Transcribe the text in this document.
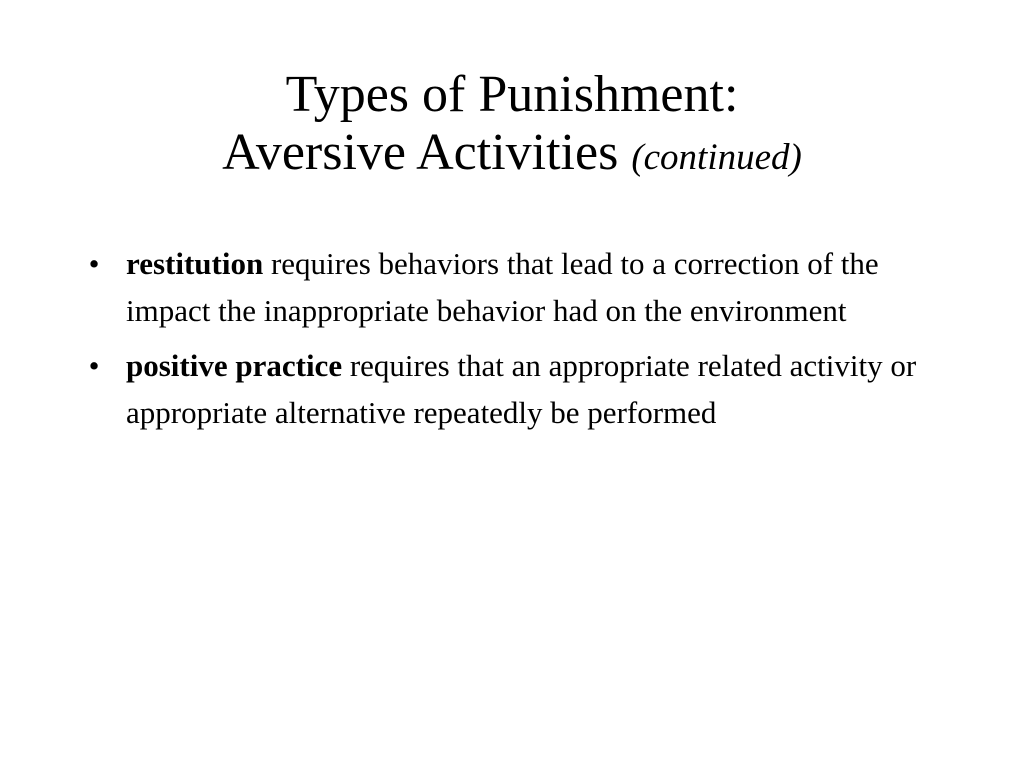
Types of Punishment:
Aversive Activities (continued)
• restitution requires behaviors that lead to a correction of the impact the inappropriate behavior had on the environment
• positive practice requires that an appropriate related activity or appropriate alternative repeatedly be performed
